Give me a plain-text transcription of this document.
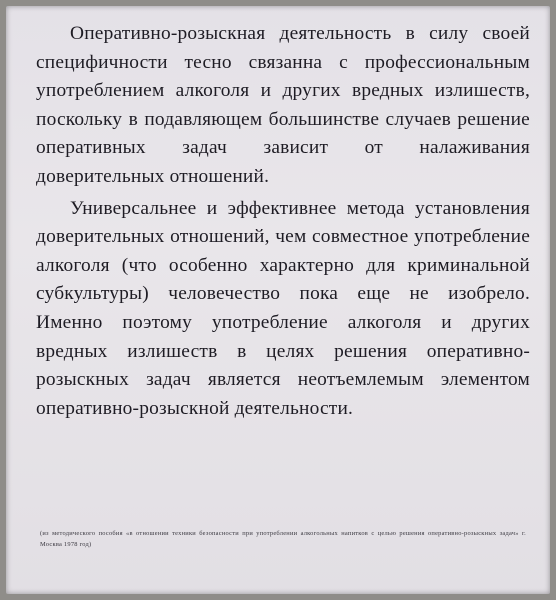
Оперативно-розыскная деятельность в силу своей специфичности тесно связанна с профессиональным употреблением алкоголя и других вредных излишеств, поскольку в подавляющем большинстве случаев решение оперативных задач зависит от налаживания доверительных отношений.

Универсальнее и эффективнее метода установления доверительных отношений, чем совместное употребление алкоголя (что особенно характерно для криминальной субкультуры) человечество пока еще не изобрело. Именно поэтому употребление алкоголя и других вредных излишеств в целях решения оперативно-розыскных задач является неотъемлемым элементом оперативно-розыскной деятельности.

(из методического пособия «в отношении техники безопасности при употреблении алкогольных напитков с целью решения оперативно-розыскных задач» г. Москва 1978 год)
